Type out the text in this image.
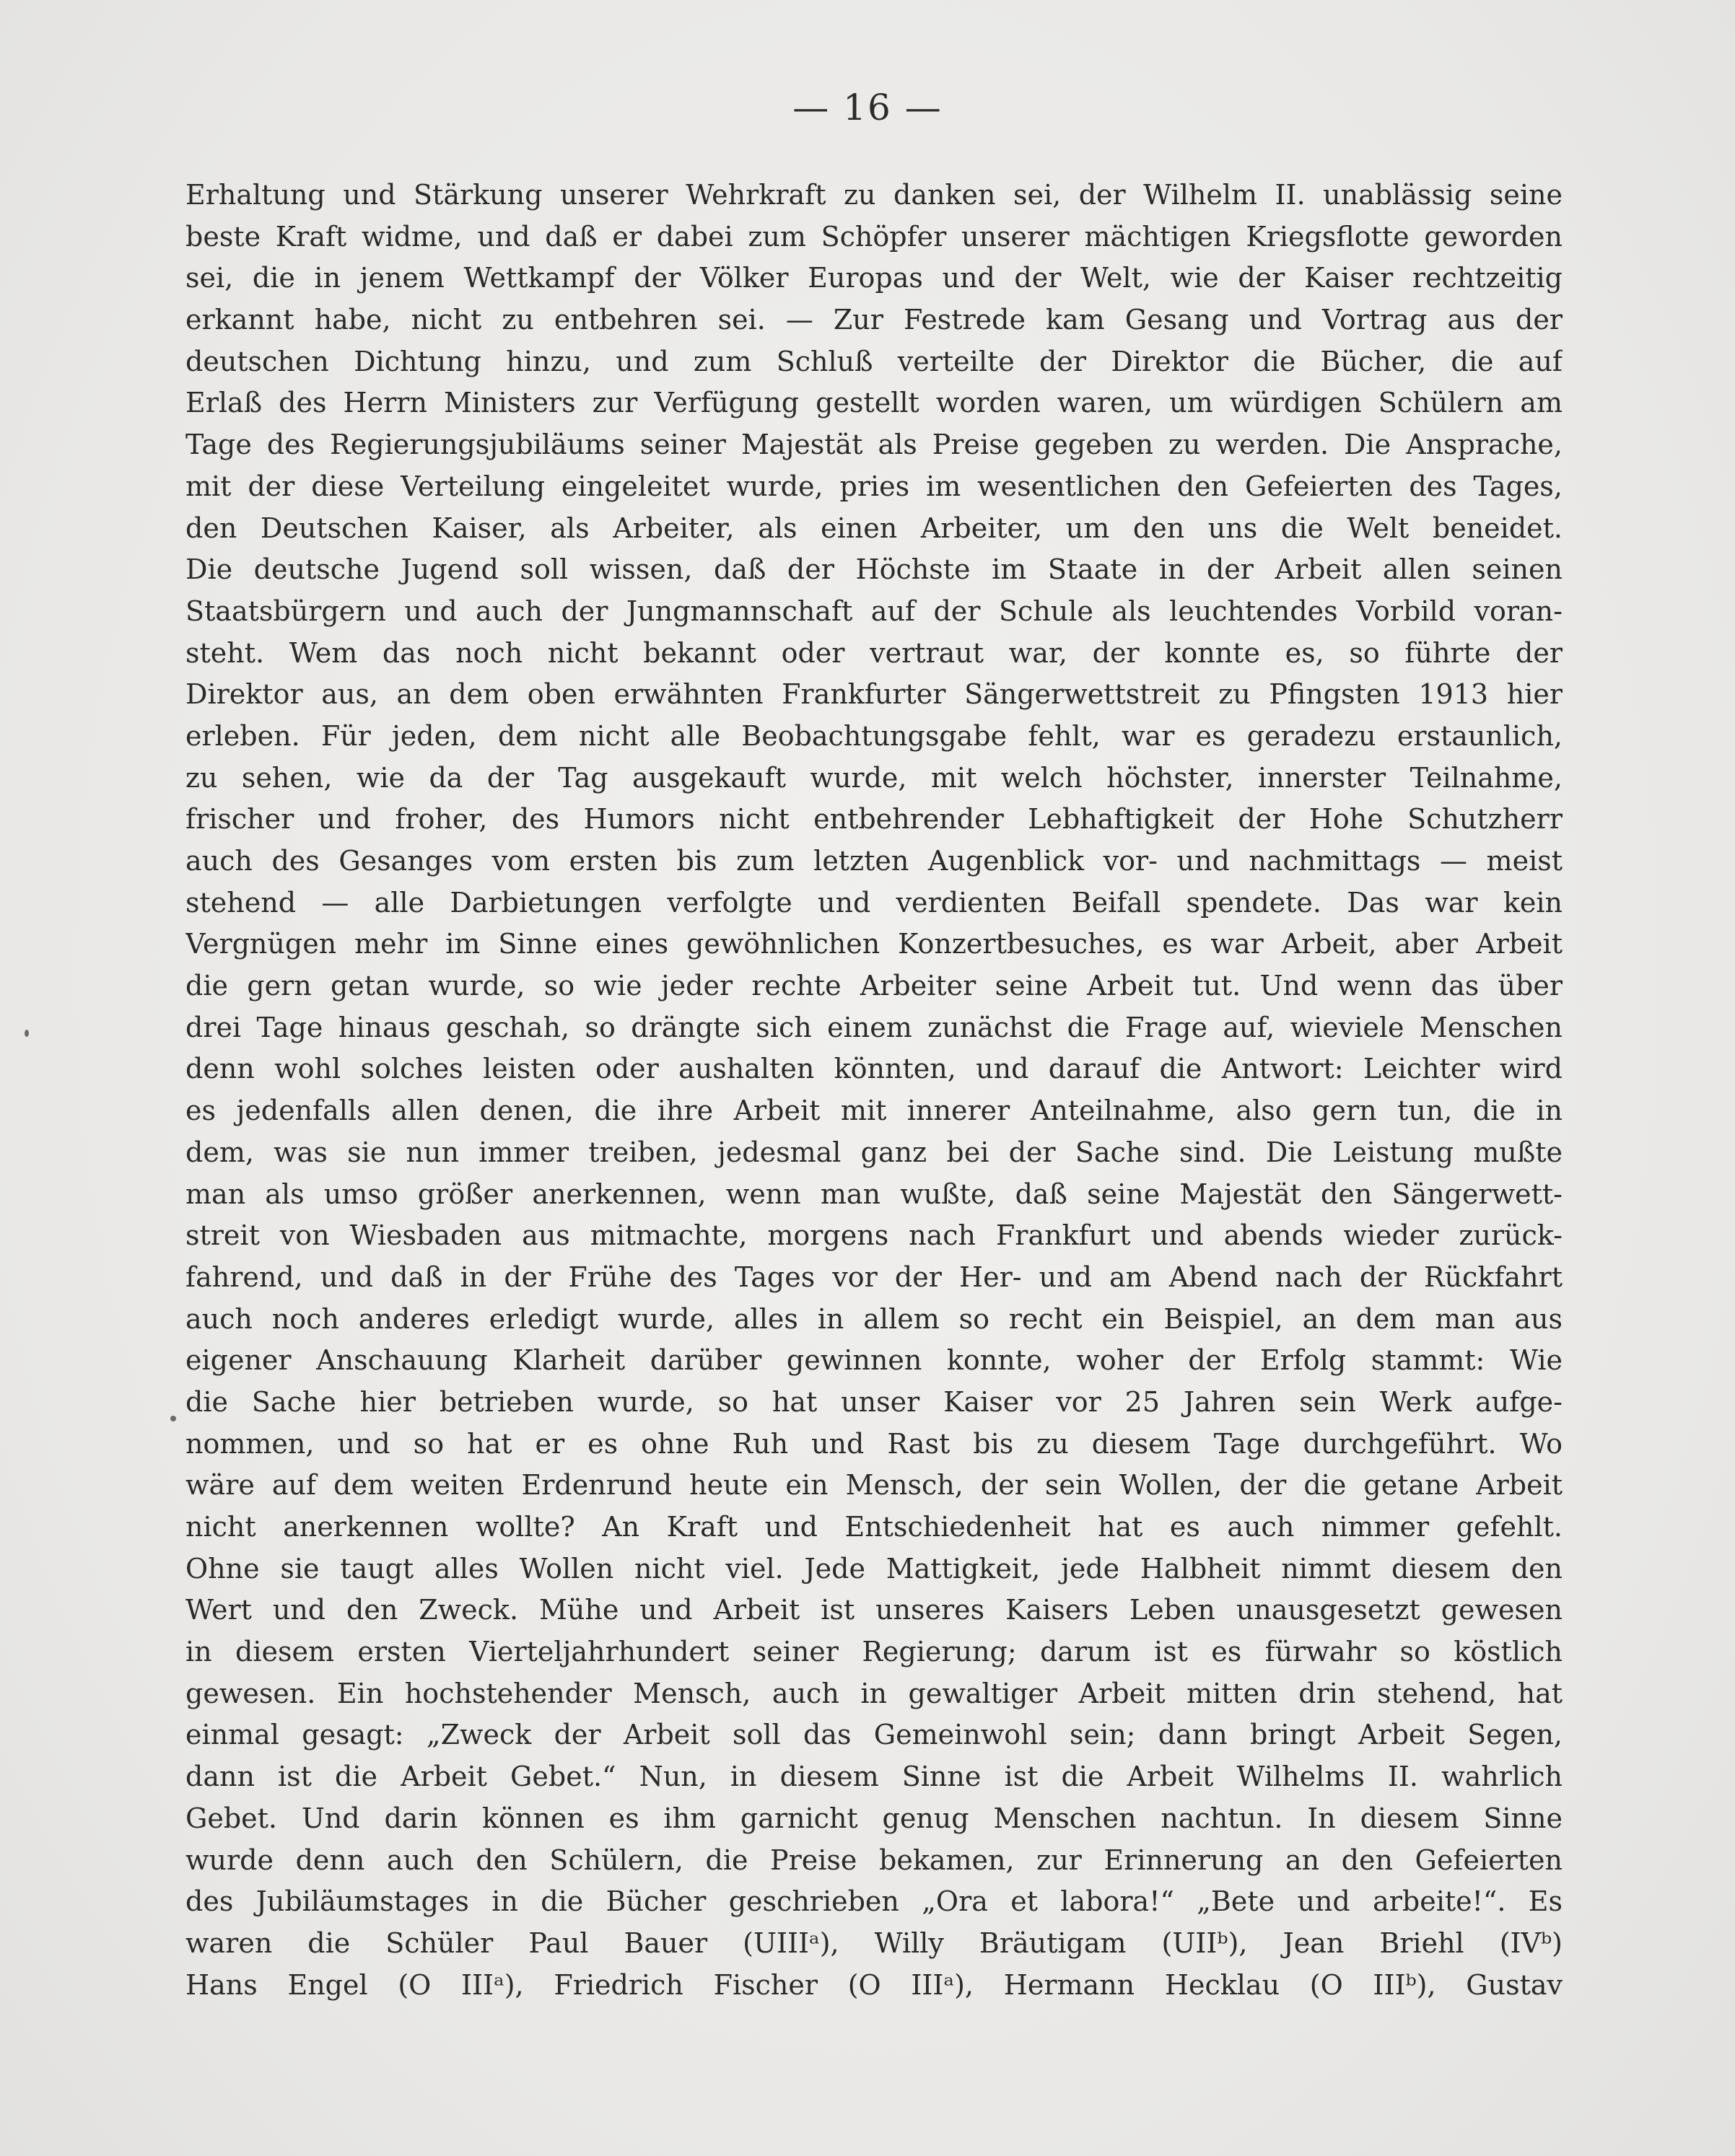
— 16 —
Erhaltung und Stärkung unserer Wehrkraft zu danken sei, der Wilhelm II. unablässig seine
beste Kraft widme, und daß er dabei zum Schöpfer unserer mächtigen Kriegsflotte geworden
sei, die in jenem Wettkampf der Völker Europas und der Welt, wie der Kaiser rechtzeitig
erkannt habe, nicht zu entbehren sei. — Zur Festrede kam Gesang und Vortrag aus der
deutschen Dichtung hinzu, und zum Schluß verteilte der Direktor die Bücher, die auf
Erlaß des Herrn Ministers zur Verfügung gestellt worden waren, um würdigen Schülern am
Tage des Regierungsjubiläums seiner Majestät als Preise gegeben zu werden. Die Ansprache,
mit der diese Verteilung eingeleitet wurde, pries im wesentlichen den Gefeierten des Tages,
den Deutschen Kaiser, als Arbeiter, als einen Arbeiter, um den uns die Welt beneidet.
Die deutsche Jugend soll wissen, daß der Höchste im Staate in der Arbeit allen seinen
Staatsbürgern und auch der Jungmannschaft auf der Schule als leuchtendes Vorbild voran-
steht. Wem das noch nicht bekannt oder vertraut war, der konnte es, so führte der
Direktor aus, an dem oben erwähnten Frankfurter Sängerwettstreit zu Pfingsten 1913 hier
erleben. Für jeden, dem nicht alle Beobachtungsgabe fehlt, war es geradezu erstaunlich,
zu sehen, wie da der Tag ausgekauft wurde, mit welch höchster, innerster Teilnahme,
frischer und froher, des Humors nicht entbehrender Lebhaftigkeit der Hohe Schutzherr
auch des Gesanges vom ersten bis zum letzten Augenblick vor- und nachmittags — meist
stehend — alle Darbietungen verfolgte und verdienten Beifall spendete. Das war kein
Vergnügen mehr im Sinne eines gewöhnlichen Konzertbesuches, es war Arbeit, aber Arbeit
die gern getan wurde, so wie jeder rechte Arbeiter seine Arbeit tut. Und wenn das über
drei Tage hinaus geschah, so drängte sich einem zunächst die Frage auf, wieviele Menschen
denn wohl solches leisten oder aushalten könnten, und darauf die Antwort: Leichter wird
es jedenfalls allen denen, die ihre Arbeit mit innerer Anteilnahme, also gern tun, die in
dem, was sie nun immer treiben, jedesmal ganz bei der Sache sind. Die Leistung mußte
man als umso größer anerkennen, wenn man wußte, daß seine Majestät den Sängerwett-
streit von Wiesbaden aus mitmachte, morgens nach Frankfurt und abends wieder zurück-
fahrend, und daß in der Frühe des Tages vor der Her- und am Abend nach der Rückfahrt
auch noch anderes erledigt wurde, alles in allem so recht ein Beispiel, an dem man aus
eigener Anschauung Klarheit darüber gewinnen konnte, woher der Erfolg stammt: Wie
die Sache hier betrieben wurde, so hat unser Kaiser vor 25 Jahren sein Werk aufge-
nommen, und so hat er es ohne Ruh und Rast bis zu diesem Tage durchgeführt. Wo
wäre auf dem weiten Erdenrund heute ein Mensch, der sein Wollen, der die getane Arbeit
nicht anerkennen wollte? An Kraft und Entschiedenheit hat es auch nimmer gefehlt.
Ohne sie taugt alles Wollen nicht viel. Jede Mattigkeit, jede Halbheit nimmt diesem den
Wert und den Zweck. Mühe und Arbeit ist unseres Kaisers Leben unausgesetzt gewesen
in diesem ersten Vierteljahrhundert seiner Regierung; darum ist es fürwahr so köstlich
gewesen. Ein hochstehender Mensch, auch in gewaltiger Arbeit mitten drin stehend, hat
einmal gesagt: „Zweck der Arbeit soll das Gemeinwohl sein; dann bringt Arbeit Segen,
dann ist die Arbeit Gebet.“ Nun, in diesem Sinne ist die Arbeit Wilhelms II. wahrlich
Gebet. Und darin können es ihm garnicht genug Menschen nachtun. In diesem Sinne
wurde denn auch den Schülern, die Preise bekamen, zur Erinnerung an den Gefeierten
des Jubiläumstages in die Bücher geschrieben „Ora et labora!“ „Bete und arbeite!“. Es
waren die Schüler Paul Bauer (UIIIᵃ), Willy Bräutigam (UIIᵇ), Jean Briehl (IVᵇ)
Hans Engel (O IIIᵃ), Friedrich Fischer (O IIIᵃ), Hermann Hecklau (O IIIᵇ), Gustav
